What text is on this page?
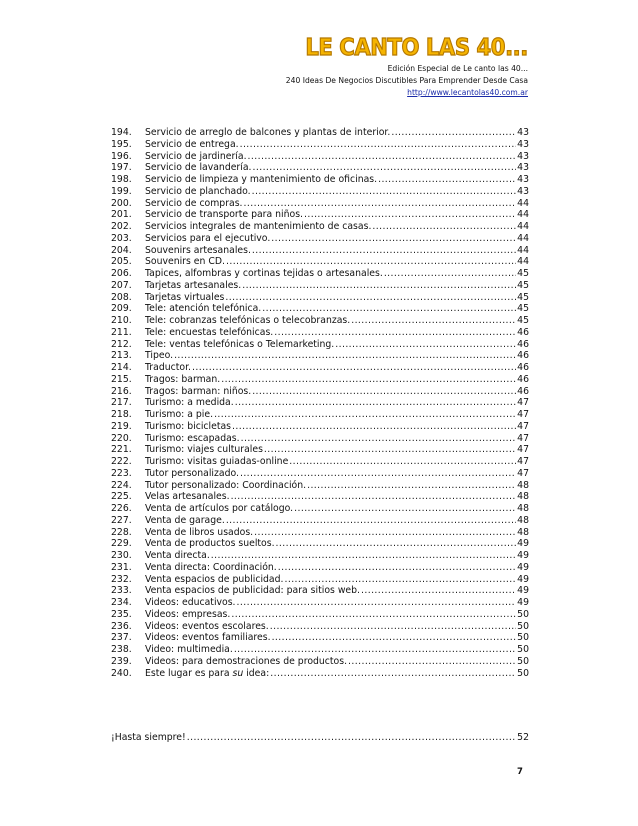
LE CANTO LAS 40...
Edición Especial de Le canto las 40...
240 Ideas De Negocios Discutibles Para Emprender Desde Casa
http://www.lecantolas40.com.ar
194.	Servicio de arreglo de balcones y plantas de interior. .....	43
195.	Servicio de entrega. .....	43
196.	Servicio de jardinería. .....	43
197.	Servicio de lavandería. .....	43
198.	Servicio de limpieza y mantenimiento de oficinas. .....	43
199.	Servicio de planchado. .....	43
200.	Servicio de compras. .....	44
201.	Servicio de transporte para niños. .....	44
202.	Servicios integrales de mantenimiento de casas. .....	44
203.	Servicios para el ejecutivo. .....	44
204.	Souvenirs artesanales. .....	44
205.	Souvenirs en CD. .....	44
206.	Tapices, alfombras y cortinas tejidas o artesanales. .....	45
207.	Tarjetas artesanales. .....	45
208.	Tarjetas virtuales .....	45
209.	Tele: atención telefónica. .....	45
210.	Tele: cobranzas telefónicas o telecobranzas. .....	45
211.	Tele: encuestas telefónicas. .....	46
212.	Tele: ventas telefónicas o Telemarketing. .....	46
213.	Tipeo. .....	46
214.	Traductor. .....	46
215.	Tragos: barman. .....	46
216.	Tragos: barman: niños. .....	46
217.	Turismo: a medida. .....	47
218.	Turismo: a pie. .....	47
219.	Turismo: bicicletas .....	47
220.	Turismo: escapadas. .....	47
221.	Turismo: viajes culturales .....	47
222.	Turismo: visitas guiadas-online .....	47
223.	Tutor personalizado. .....	47
224.	Tutor personalizado: Coordinación. .....	48
225.	Velas artesanales. .....	48
226.	Venta de artículos por catálogo. .....	48
227.	Venta de garage. .....	48
228.	Venta de libros usados. .....	48
229.	Venta de productos sueltos. .....	49
230.	Venta directa. .....	49
231.	Venta directa: Coordinación. .....	49
232.	Venta espacios de publicidad. .....	49
233.	Venta espacios de publicidad: para sitios web. .....	49
234.	Videos: educativos. .....	49
235.	Videos: empresas. .....	50
236.	Videos: eventos escolares. .....	50
237.	Videos: eventos familiares. .....	50
238.	Video: multimedia. .....	50
239.	Videos: para demostraciones de productos. .....	50
240.	Este lugar es para su idea: .....	50
¡Hasta siempre! .....	52
7
